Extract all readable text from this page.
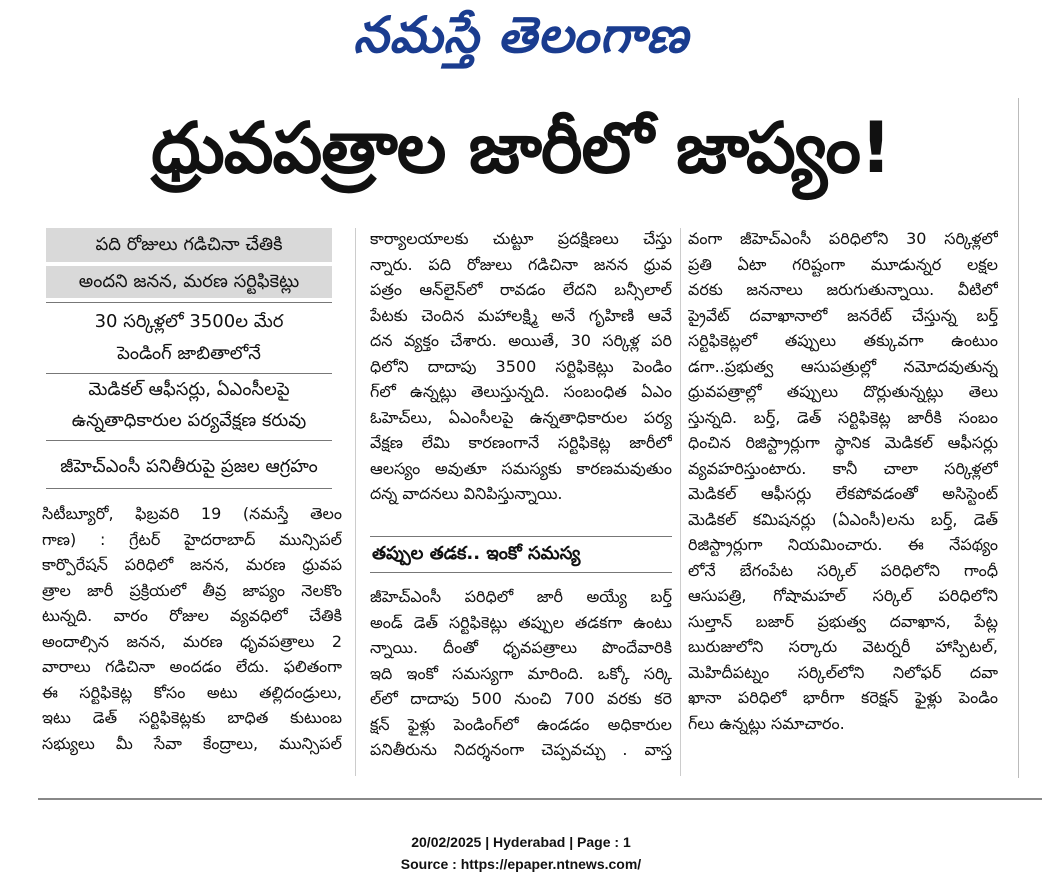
నమస్తే తెలంగాణ
ధ్రువపత్రాల జారీలో జాప్యం!
పది రోజులు గడిచినా చేతికి
అందని జనన, మరణ సర్టిఫికెట్లు
30 సర్కిళ్లలో 3500ల మేర
పెండింగ్ జాబితాలోనే
మెడికల్ ఆఫీసర్లు, ఏఎంసీలపై
ఉన్నతాధికారుల పర్యవేక్షణ కరువు
జీహెచ్ఎంసీ పనితీరుపై ప్రజల ఆగ్రహం

సిటీబ్యూరో, ఫిబ్రవరి 19 (నమస్తే తెలం

గాణ) : గ్రేటర్ హైదరాబాద్ మున్సిపల్

కార్పొరేషన్ పరిధిలో జనన, మరణ ధ్రువప

త్రాల జారీ ప్రక్రియలో తీవ్ర జాప్యం నెలకొం

టున్నది. వారం రోజుల వ్యవధిలో చేతికి

అందాల్సిన జనన, మరణ ధృవపత్రాలు 2

వారాలు గడిచినా అందడం లేదు. ఫలితంగా

ఈ సర్టిఫికెట్ల కోసం అటు తల్లిదండ్రులు,

ఇటు డెత్ సర్టిఫికెట్లకు బాధిత కుటుంబ

సభ్యులు మీ సేవా కేంద్రాలు, మున్సిపల్

కార్యాలయాలకు చుట్టూ ప్రదక్షిణలు చేస్తు

న్నారు. పది రోజులు గడిచినా జనన ధ్రువ

పత్రం ఆన్‌లైన్‌లో రావడం లేదని బన్సీలాల్

పేటకు చెందిన మహాలక్ష్మి అనే గృహిణి ఆవే

దన వ్యక్తం చేశారు. అయితే, 30 సర్కిళ్ల పరి

ధిలోని దాదాపు 3500 సర్టిఫికెట్లు పెండిం

గ్‌లో ఉన్నట్లు తెలుస్తున్నది. సంబంధిత ఏఎం

ఓహెచ్‌లు, ఏఎంసీలపై ఉన్నతాధికారుల పర్య

వేక్షణ లేమి కారణంగానే సర్టిఫికెట్ల జారీలో

ఆలస్యం అవుతూ సమస్యకు కారణమవుతుం

దన్న వాదనలు వినిపిస్తున్నాయి.

తప్పుల తడక.. ఇంకో సమస్య

జీహెచ్‌ఎంసీ పరిధిలో జారీ అయ్యే బర్త్

అండ్ డెత్ సర్టిఫికెట్లు తప్పుల తడకగా ఉంటు

న్నాయి. దీంతో ధృవపత్రాలు పొందేవారికి

ఇది ఇంకో సమస్యగా మారింది. ఒక్కో సర్కి

ల్‌లో దాదాపు 500 నుంచి 700 వరకు కరె

క్షన్ ఫైళ్లు పెండింగ్‌లో ఉండడం అధికారుల

పనితీరును నిదర్శనంగా చెప్పవచ్చు . వాస్త

వంగా జీహెచ్‌ఎంసీ పరిధిలోని 30 సర్కిళ్లలో

ప్రతి ఏటా గరిష్టంగా మూడున్నర లక్షల

వరకు జననాలు జరుగుతున్నాయి. వీటిలో

ప్రైవేట్ దవాఖానాలో జనరేట్ చేస్తున్న బర్త్

సర్టిఫికెట్లలో తప్పులు తక్కువగా ఉంటుం

డగా..ప్రభుత్వ ఆసుపత్రుల్లో నమోదవుతున్న

ధ్రువపత్రాల్లో తప్పులు దొర్లుతున్నట్లు తెలు

స్తున్నది. బర్త్, డెత్ సర్టిఫికెట్ల జారీకి సంబం

ధించిన రిజిస్ట్రార్లుగా స్థానిక మెడికల్ ఆఫీసర్లు

వ్యవహరిస్తుంటారు. కానీ చాలా సర్కిళ్లలో

మెడికల్ ఆఫీసర్లు లేకపోవడంతో అసిస్టెంట్

మెడికల్ కమిషనర్లు (ఏఎంసీ)లను బర్త్, డెత్

రిజిస్ట్రార్లుగా నియమించారు. ఈ నేపథ్యం

లోనే బేగంపేట సర్కిల్ పరిధిలోని గాంధీ

ఆసుపత్రి, గోషామహల్ సర్కిల్ పరిధిలోని

సుల్తాన్ బజార్ ప్రభుత్వ దవాఖాన, పేట్ల

బురుజులోని సర్కారు వెటర్నరీ హాస్పిటల్,

మెహిదీపట్నం సర్కిల్‌లోని నిలోఫర్ దవా

ఖానా పరిధిలో భారీగా కరెక్షన్ ఫైళ్లు పెండిం

గ్‌లు ఉన్నట్లు సమాచారం.

20/02/2025 | Hyderabad | Page : 1
Source : https://epaper.ntnews.com/
